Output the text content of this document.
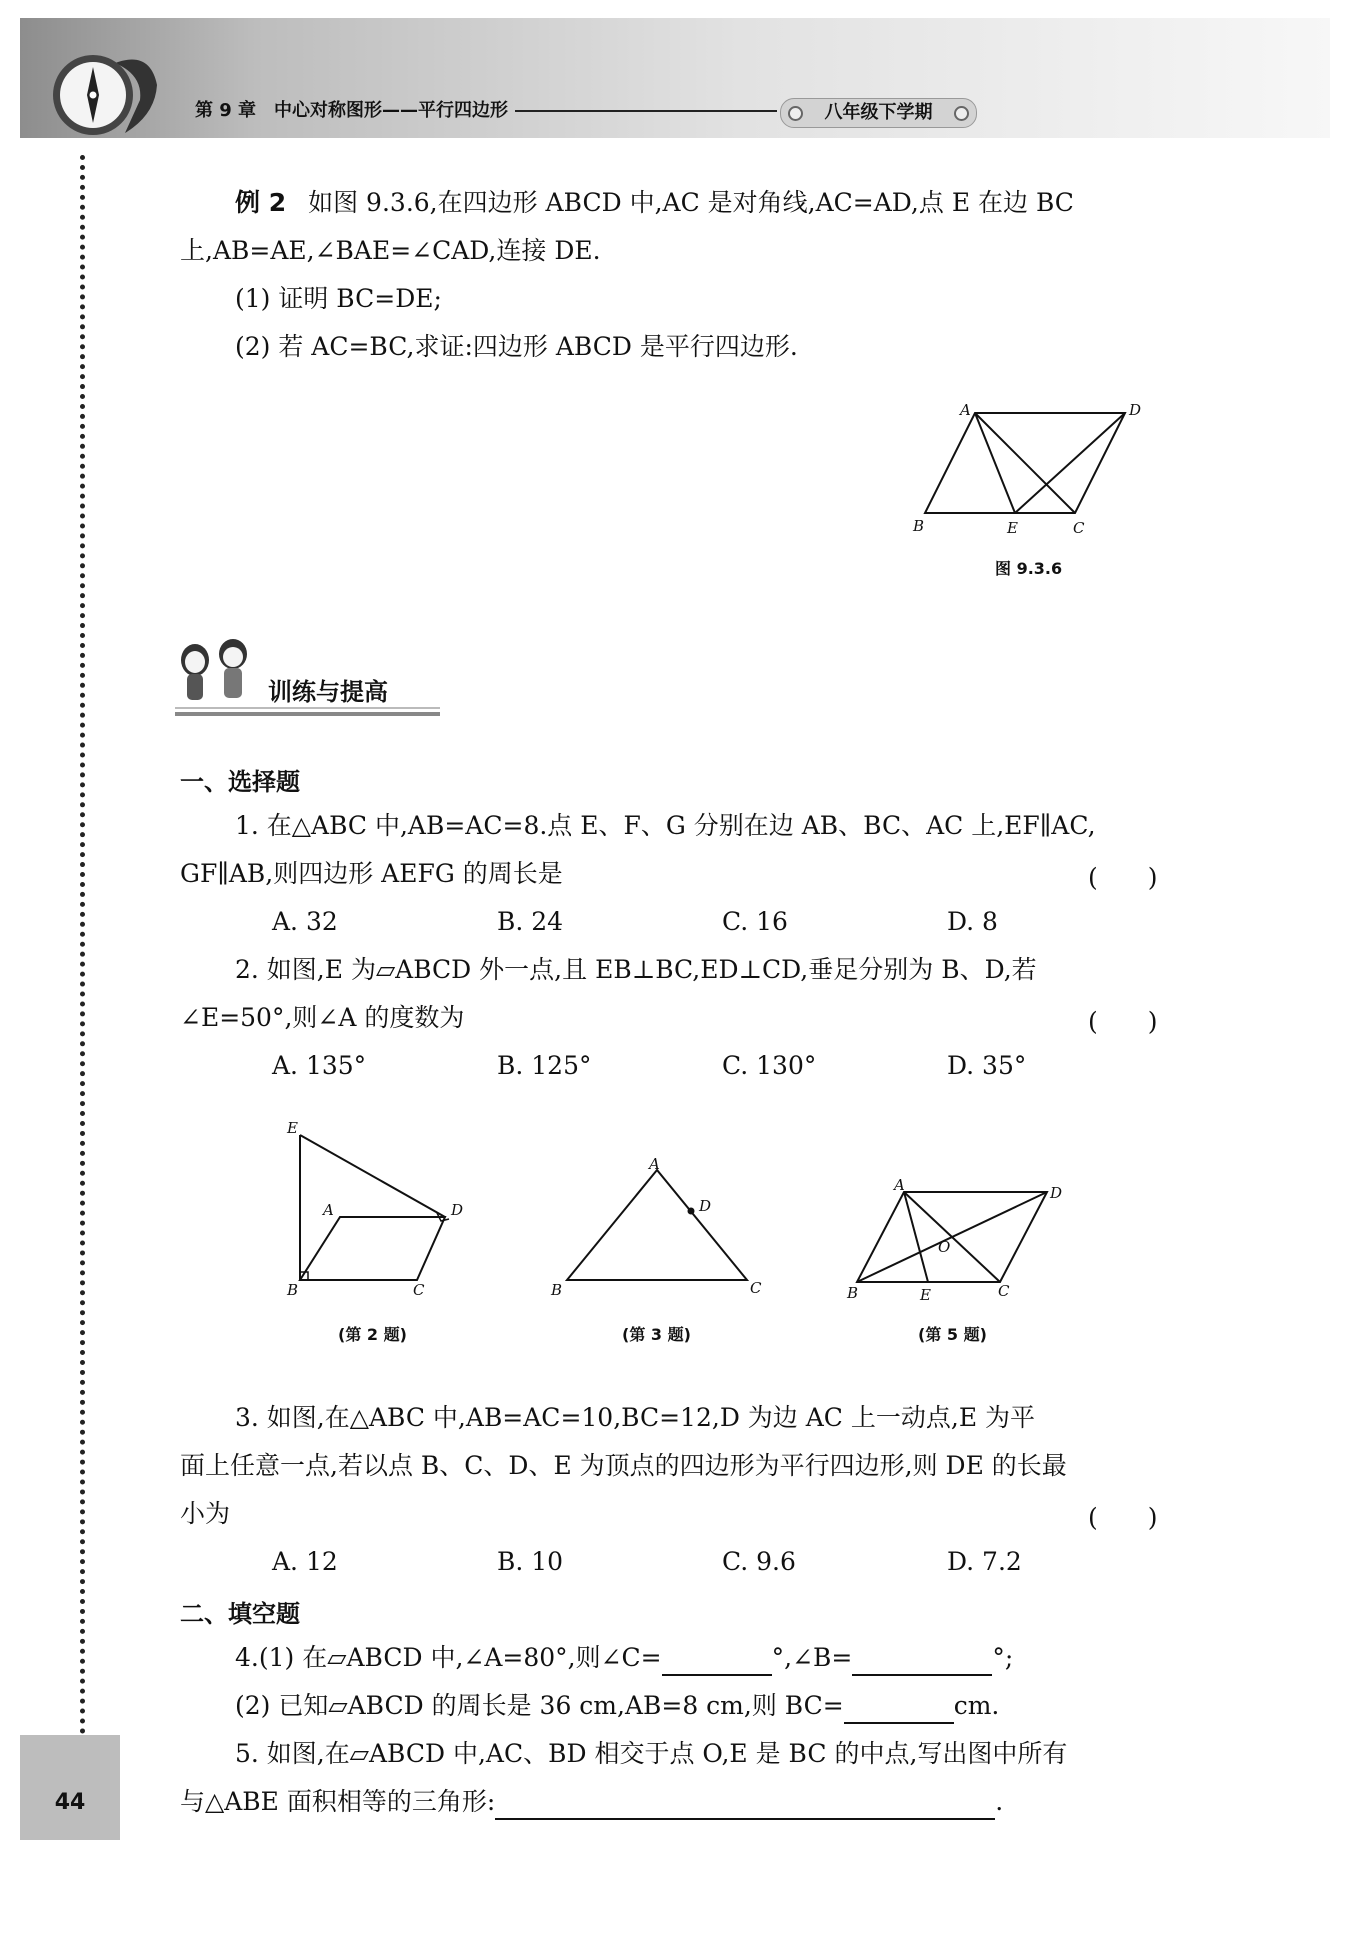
第 9 章　中心对称图形——平行四边形	八年级下学期
44
例 2 如图 9.3.6,在四边形 ABCD 中,AC 是对角线,AC=AD,点 E 在边 BC
上,AB=AE,∠BAE=∠CAD,连接 DE.
(1) 证明 BC=DE;
(2) 若 AC=BC,求证:四边形 ABCD 是平行四边形.
A	D
B	E	C
图 9.3.6
训练与提高
一、选择题
1. 在△ABC 中,AB=AC=8.点 E、F、G 分别在边 AB、BC、AC 上,EF∥AC,
GF∥AB,则四边形 AEFG 的周长是	(　　)
A. 32	B. 24	C. 16	D. 8
2. 如图,E 为▱ABCD 外一点,且 EB⊥BC,ED⊥CD,垂足分别为 B、D,若
∠E=50°,则∠A 的度数为	(　　)
A. 135°	B. 125°	C. 130°	D. 35°
E
A	D
B	C
(第 2 题)
A
D
B	C
(第 3 题)
A	D
O
B	E	C
(第 5 题)
3. 如图,在△ABC 中,AB=AC=10,BC=12,D 为边 AC 上一动点,E 为平
面上任意一点,若以点 B、C、D、E 为顶点的四边形为平行四边形,则 DE 的长最
小为	(　　)
A. 12	B. 10	C. 9.6	D. 7.2
二、填空题
4.(1) 在▱ABCD 中,∠A=80°,则∠C=	°,∠B=	°;
(2) 已知▱ABCD 的周长是 36 cm,AB=8 cm,则 BC=	cm.
5. 如图,在▱ABCD 中,AC、BD 相交于点 O,E 是 BC 的中点,写出图中所有
与△ABE 面积相等的三角形:	.
